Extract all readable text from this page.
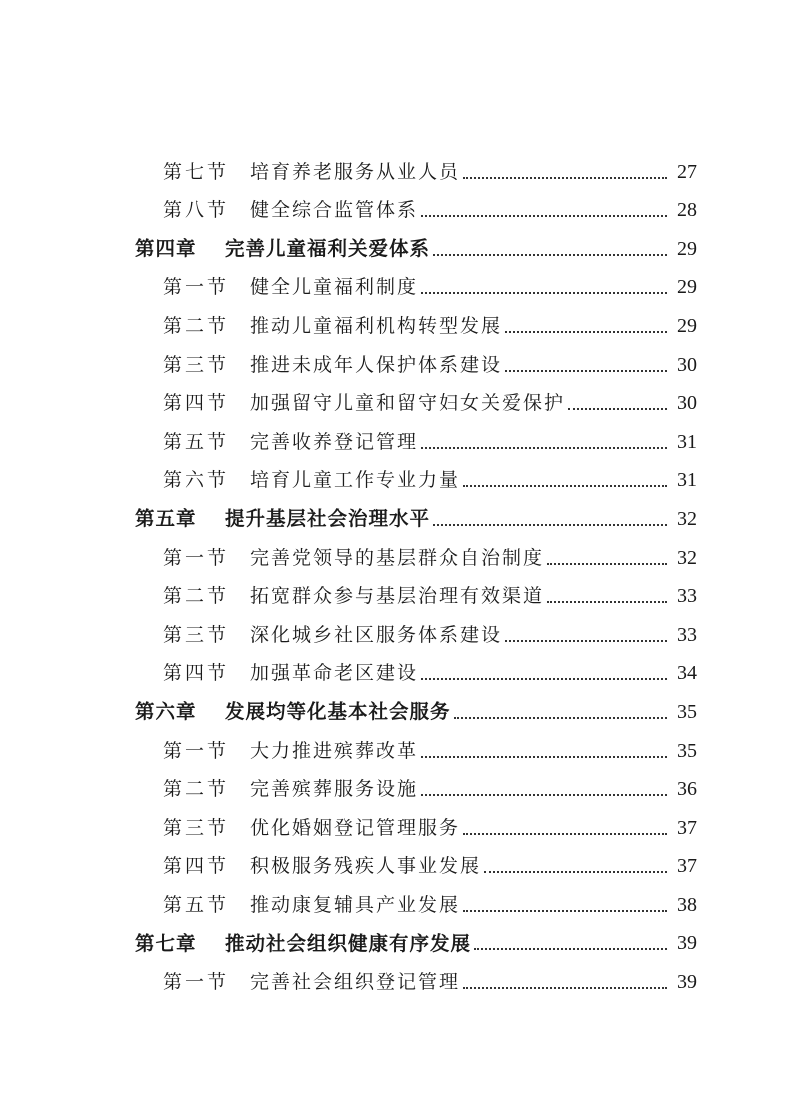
第七节	培育养老服务从业人员	27
第八节	健全综合监管体系	28
第四章	完善儿童福利关爱体系	29
第一节	健全儿童福利制度	29
第二节	推动儿童福利机构转型发展	29
第三节	推进未成年人保护体系建设	30
第四节	加强留守儿童和留守妇女关爱保护	30
第五节	完善收养登记管理	31
第六节	培育儿童工作专业力量	31
第五章	提升基层社会治理水平	32
第一节	完善党领导的基层群众自治制度	32
第二节	拓宽群众参与基层治理有效渠道	33
第三节	深化城乡社区服务体系建设	33
第四节	加强革命老区建设	34
第六章	发展均等化基本社会服务	35
第一节	大力推进殡葬改革	35
第二节	完善殡葬服务设施	36
第三节	优化婚姻登记管理服务	37
第四节	积极服务残疾人事业发展	37
第五节	推动康复辅具产业发展	38
第七章	推动社会组织健康有序发展	39
第一节	完善社会组织登记管理	39
